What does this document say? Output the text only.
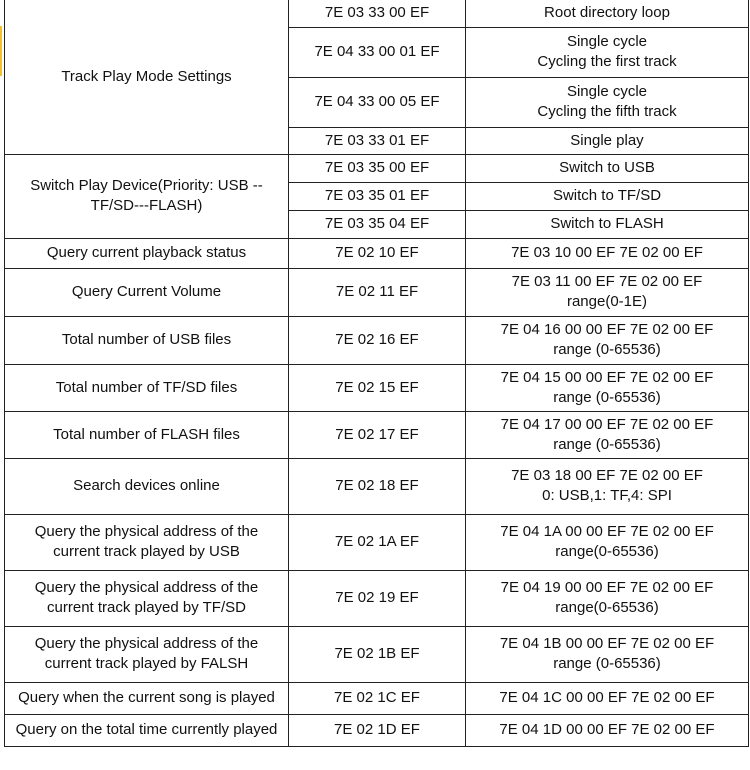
Track Play Mode Settings	7E 03 33 00 EF	Root directory loop
	7E 04 33 00 01 EF	Single cycle
Cycling the first track
	7E 04 33 00 05 EF	Single cycle
Cycling the fifth track
	7E 03 33 01 EF	Single play
Switch Play Device(Priority: USB --
TF/SD---FLASH)	7E 03 35 00 EF	Switch to USB
	7E 03 35 01 EF	Switch to TF/SD
	7E 03 35 04 EF	Switch to FLASH
Query current playback status	7E 02 10 EF	7E 03 10 00 EF 7E 02 00 EF
Query Current Volume	7E 02 11 EF	7E 03 11 00 EF 7E 02 00 EF
range(0-1E)
Total number of USB files	7E 02 16 EF	7E 04 16 00 00 EF 7E 02 00 EF
range (0-65536)
Total number of TF/SD files	7E 02 15 EF	7E 04 15 00 00 EF 7E 02 00 EF
range (0-65536)
Total number of FLASH files	7E 02 17 EF	7E 04 17 00 00 EF 7E 02 00 EF
range (0-65536)
Search devices online	7E 02 18 EF	7E 03 18 00 EF 7E 02 00 EF
0: USB,1: TF,4: SPI
Query the physical address of the
current track played by USB	7E 02 1A EF	7E 04 1A 00 00 EF 7E 02 00 EF
range(0-65536)
Query the physical address of the
current track played by TF/SD	7E 02 19 EF	7E 04 19 00 00 EF 7E 02 00 EF
range(0-65536)
Query the physical address of the
current track played by FALSH	7E 02 1B EF	7E 04 1B 00 00 EF 7E 02 00 EF
range (0-65536)
Query when the current song is played	7E 02 1C EF	7E 04 1C 00 00 EF 7E 02 00 EF
Query on the total time currently played	7E 02 1D EF	7E 04 1D 00 00 EF 7E 02 00 EF
